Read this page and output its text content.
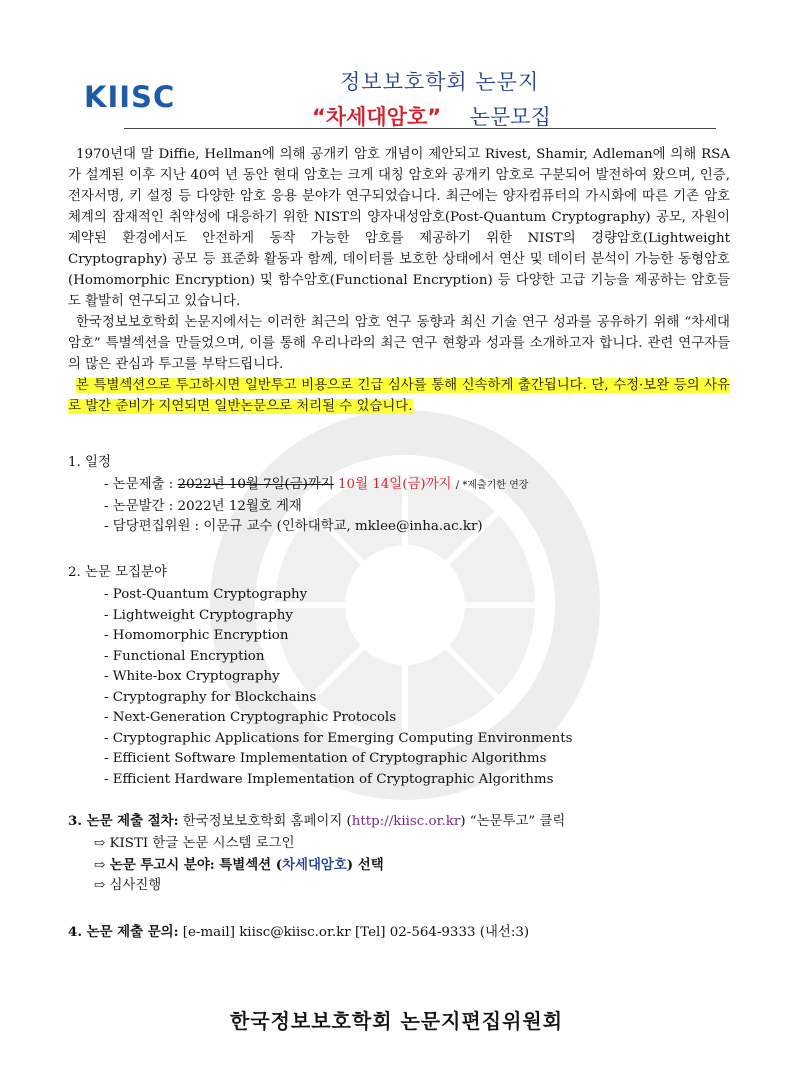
KIISC	정보보호학회 논문지
“차세대암호” 논문모집

1970년대 말 Diffie, Hellman에 의해 공개키 암호 개념이 제안되고 Rivest, Shamir, Adleman에 의해 RSA가 설계된 이후 지난 40여 년 동안 현대 암호는 크게 대칭 암호와 공개키 암호로 구분되어 발전하여 왔으며, 인증, 전자서명, 키 설정 등 다양한 암호 응용 분야가 연구되었습니다. 최근에는 양자컴퓨터의 가시화에 따른 기존 암호 체계의 잠재적인 취약성에 대응하기 위한 NIST의 양자내성암호(Post-Quantum Cryptography) 공모, 자원이 제약된 환경에서도 안전하게 동작 가능한 암호를 제공하기 위한 NIST의 경량암호(Lightweight Cryptography) 공모 등 표준화 활동과 함께, 데이터를 보호한 상태에서 연산 및 데이터 분석이 가능한 동형암호(Homomorphic Encryption) 및 함수암호(Functional Encryption) 등 다양한 고급 기능을 제공하는 암호들도 활발히 연구되고 있습니다.

한국정보보호학회 논문지에서는 이러한 최근의 암호 연구 동향과 최신 기술 연구 성과를 공유하기 위해 “차세대암호” 특별섹션을 만들었으며, 이를 통해 우리나라의 최근 연구 현황과 성과를 소개하고자 합니다. 관련 연구자들의 많은 관심과 투고를 부탁드립니다.

본 특별섹션으로 투고하시면 일반투고 비용으로 긴급 심사를 통해 신속하게 출간됩니다. 단, 수정·보완 등의 사유로 발간 준비가 지연되면 일반논문으로 처리될 수 있습니다.

1. 일정

- 논문제출 : 2022년 10월 7일(금)까지 10월 14일(금)까지 / *제출기한 연장

- 논문발간 : 2022년 12월호 게재

- 담당편집위원 : 이문규 교수 (인하대학교, mklee@inha.ac.kr)

2. 논문 모집분야

- Post-Quantum Cryptography

- Lightweight Cryptography

- Homomorphic Encryption

- Functional Encryption

- White-box Cryptography

- Cryptography for Blockchains

- Next-Generation Cryptographic Protocols

- Cryptographic Applications for Emerging Computing Environments

- Efficient Software Implementation of Cryptographic Algorithms

- Efficient Hardware Implementation of Cryptographic Algorithms

3. 논문 제출 절차: 한국정보보호학회 홈페이지 (http://kiisc.or.kr) “논문투고” 클릭

⇨ KISTI 한글 논문 시스템 로그인

⇨ 논문 투고시 분야: 특별섹션 (차세대암호) 선택

⇨ 심사진행

4. 논문 제출 문의: [e-mail] kiisc@kiisc.or.kr [Tel] 02-564-9333 (내선:3)

한국정보보호학회 논문지편집위원회
